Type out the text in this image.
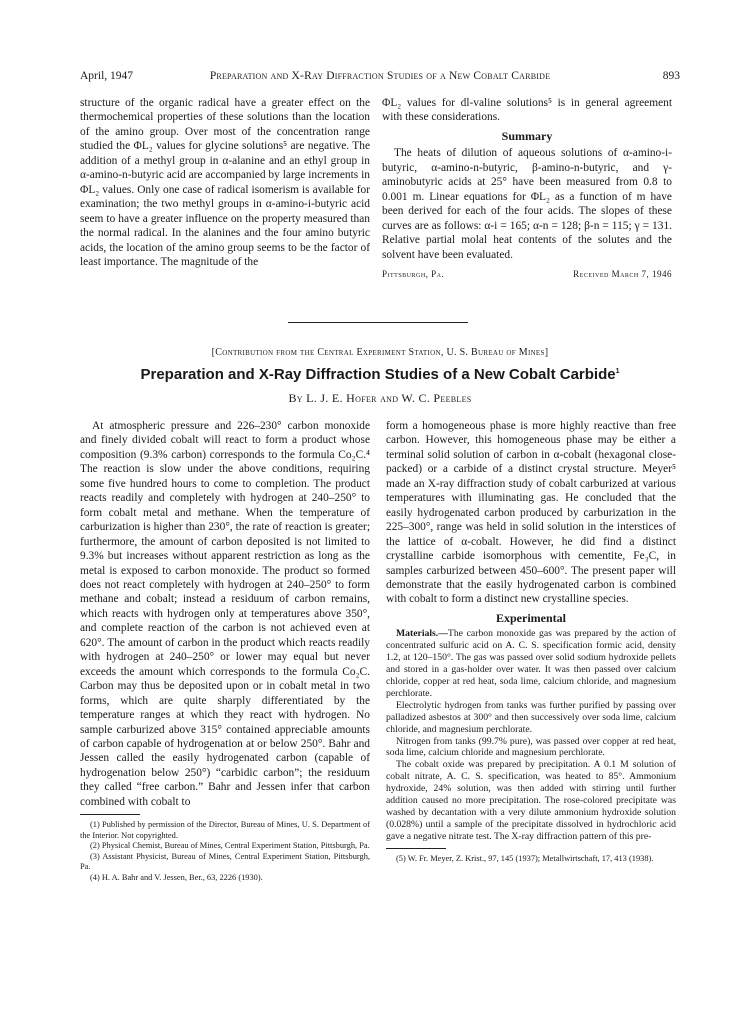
April, 1947	Preparation and X-Ray Diffraction Studies of a New Cobalt Carbide	893

structure of the organic radical have a greater effect on the thermochemical properties of these solutions than the location of the amino group. Over most of the concentration range studied the ΦL₂ values for glycine solutions⁵ are negative. The addition of a methyl group in α-alanine and an ethyl group in α-amino-n-butyric acid are accompanied by large increments in ΦL₂ values. Only one case of radical isomerism is available for examination; the two methyl groups in α-amino-i-butyric acid seem to have a greater influence on the property measured than the normal radical. In the alanines and the four amino butyric acids, the location of the amino group seems to be the factor of least importance. The magnitude of the

ΦL₂ values for dl-valine solutions⁵ is in general agreement with these considerations.

Summary

The heats of dilution of aqueous solutions of α-amino-i-butyric, α-amino-n-butyric, β-amino-n-butyric, and γ-aminobutyric acids at 25° have been measured from 0.8 to 0.001 m. Linear equations for ΦL₂ as a function of m have been derived for each of the four acids. The slopes of these curves are as follows: α-i = 165; α-n = 128; β-n = 115; γ = 131. Relative partial molal heat contents of the solutes and the solvent have been evaluated.

Pittsburgh, Pa.	Received March 7, 1946
[Contribution from the Central Experiment Station, U. S. Bureau of Mines]
Preparation and X-Ray Diffraction Studies of a New Cobalt Carbide$^1$
By L. J. E. Hofer and W. C. Peebles

At atmospheric pressure and 226–230° carbon monoxide and finely divided cobalt will react to form a product whose composition (9.3% carbon) corresponds to the formula Co₂C.⁴ The reaction is slow under the above conditions, requiring some five hundred hours to come to completion. The product reacts readily and completely with hydrogen at 240–250° to form cobalt metal and methane. When the temperature of carburization is higher than 230°, the rate of reaction is greater; furthermore, the amount of carbon deposited is not limited to 9.3% but increases without apparent restriction as long as the metal is exposed to carbon monoxide. The product so formed does not react completely with hydrogen at 240–250° to form methane and cobalt; instead a residuum of carbon remains, which reacts with hydrogen only at temperatures above 350°, and complete reaction of the carbon is not achieved even at 620°. The amount of carbon in the product which reacts readily with hydrogen at 240–250° or lower may equal but never exceeds the amount which corresponds to the formula Co₂C. Carbon may thus be deposited upon or in cobalt metal in two forms, which are quite sharply differentiated by the temperature ranges at which they react with hydrogen. No sample carburized above 315° contained appreciable amounts of carbon capable of hydrogenation at or below 250°. Bahr and Jessen called the easily hydrogenated carbon (capable of hydrogenation below 250°) “carbidic carbon”; the residuum they called “free carbon.” Bahr and Jessen infer that carbon combined with cobalt to

(1) Published by permission of the Director, Bureau of Mines, U. S. Department of the Interior. Not copyrighted.

(2) Physical Chemist, Bureau of Mines, Central Experiment Station, Pittsburgh, Pa.

(3) Assistant Physicist, Bureau of Mines, Central Experiment Station, Pittsburgh, Pa.

(4) H. A. Bahr and V. Jessen, Ber., 63, 2226 (1930).

form a homogeneous phase is more highly reactive than free carbon. However, this homogeneous phase may be either a terminal solid solution of carbon in α-cobalt (hexagonal close-packed) or a carbide of a distinct crystal structure. Meyer⁵ made an X-ray diffraction study of cobalt carburized at various temperatures with illuminating gas. He concluded that the easily hydrogenated carbon produced by carburization in the 225–300°, range was held in solid solution in the interstices of the lattice of α-cobalt. However, he did find a distinct crystalline carbide isomorphous with cementite, Fe₃C, in samples carburized between 450–600°. The present paper will demonstrate that the easily hydrogenated carbon is combined with cobalt to form a distinct new crystalline species.

Experimental

Materials.—The carbon monoxide gas was prepared by the action of concentrated sulfuric acid on A. C. S. specification formic acid, density 1.2, at 120–150°. The gas was passed over solid sodium hydroxide pellets and stored in a gas-holder over water. It was then passed over calcium chloride, copper at red heat, soda lime, calcium chloride, and magnesium perchlorate.

Electrolytic hydrogen from tanks was further purified by passing over palladized asbestos at 300° and then successively over soda lime, calcium chloride, and magnesium perchlorate.

Nitrogen from tanks (99.7% pure), was passed over copper at red heat, soda lime, calcium chloride and magnesium perchlorate.

The cobalt oxide was prepared by precipitation. A 0.1 M solution of cobalt nitrate, A. C. S. specification, was heated to 85°. Ammonium hydroxide, 24% solution, was then added with stirring until further addition caused no more precipitation. The rose-colored precipitate was washed by decantation with a very dilute ammonium hydroxide solution (0.028%) until a sample of the precipitate dissolved in hydrochloric acid gave a negative nitrate test. The X-ray diffraction pattern of this pre-

(5) W. Fr. Meyer, Z. Krist., 97, 145 (1937); Metallwirtschaft, 17, 413 (1938).
